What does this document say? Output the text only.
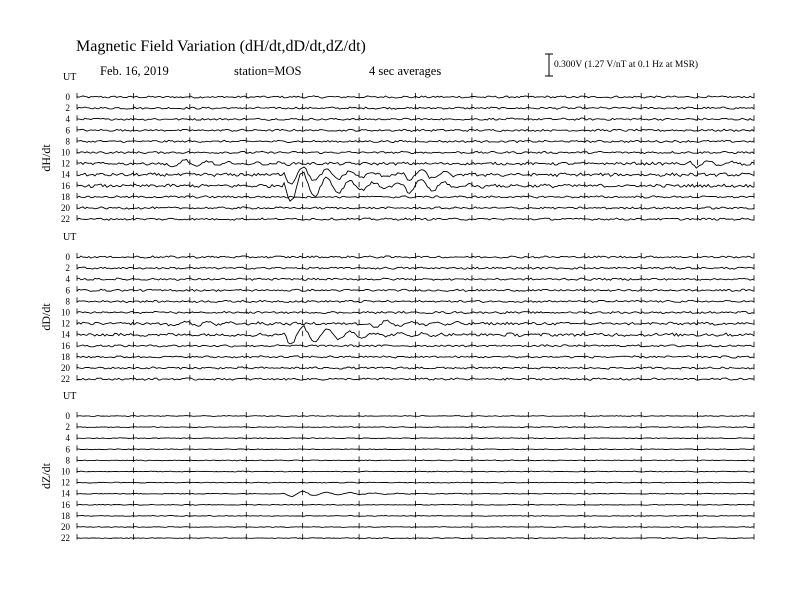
Magnetic Field Variation (dH/dt,dD/dt,dZ/dt)
Feb. 16, 2019	station=MOS	4 sec averages	0.300V (1.27 V/nT at 0.1 Hz at MSR)
UT
dH/dt
0
2
4
6
8
10
12
14
16
18
20
22
UT
dD/dt
0
2
4
6
8
10
12
14
16
18
20
22
UT
dZ/dt
0
2
4
6
8
10
12
14
16
18
20
22
